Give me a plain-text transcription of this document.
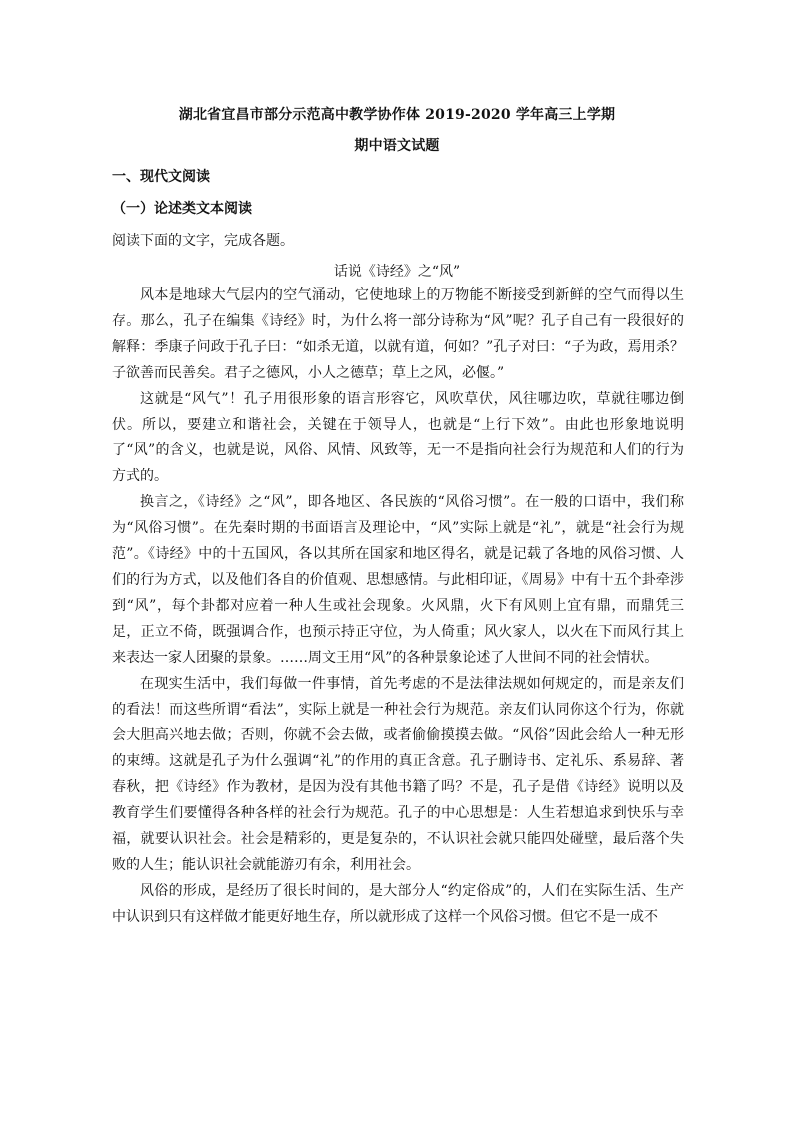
湖北省宜昌市部分示范高中教学协作体 2019-2020 学年高三上学期
期中语文试题
一、现代文阅读
（一）论述类文本阅读
阅读下面的文字，完成各题。
话说《诗经》之“风”

风本是地球大气层内的空气涌动，它使地球上的万物能不断接受到新鲜的空气而得以生存。那么，孔子在编集《诗经》时，为什么将一部分诗称为“风”呢？孔子自己有一段很好的解释：季康子问政于孔子曰：“如杀无道，以就有道，何如？”孔子对曰：“子为政，焉用杀？子欲善而民善矣。君子之德风，小人之德草；草上之风，必偃。”

这就是“风气”！孔子用很形象的语言形容它，风吹草伏，风往哪边吹，草就往哪边倒伏。所以，要建立和谐社会，关键在于领导人，也就是“上行下效”。由此也形象地说明了“风”的含义，也就是说，风俗、风情、风致等，无一不是指向社会行为规范和人们的行为方式的。

换言之，《诗经》之“风”，即各地区、各民族的“风俗习惯”。在一般的口语中，我们称为“风俗习惯”。在先秦时期的书面语言及理论中，“风”实际上就是“礼”，就是“社会行为规范”。《诗经》中的十五国风，各以其所在国家和地区得名，就是记载了各地的风俗习惯、人们的行为方式，以及他们各自的价值观、思想感情。与此相印证，《周易》中有十五个卦牵涉到“风”，每个卦都对应着一种人生或社会现象。火风鼎，火下有风则上宜有鼎，而鼎凭三足，正立不倚，既强调合作，也预示持正守位，为人倚重；风火家人，以火在下而风行其上来表达一家人团聚的景象。……周文王用“风”的各种景象论述了人世间不同的社会情状。

在现实生活中，我们每做一件事情，首先考虑的不是法律法规如何规定的，而是亲友们的看法！而这些所谓“看法”，实际上就是一种社会行为规范。亲友们认同你这个行为，你就会大胆高兴地去做；否则，你就不会去做，或者偷偷摸摸去做。“风俗”因此会给人一种无形的束缚。这就是孔子为什么强调“礼”的作用的真正含意。孔子删诗书、定礼乐、系易辞、著春秋，把《诗经》作为教材，是因为没有其他书籍了吗？不是，孔子是借《诗经》说明以及教育学生们要懂得各种各样的社会行为规范。孔子的中心思想是：人生若想追求到快乐与幸福，就要认识社会。社会是精彩的，更是复杂的，不认识社会就只能四处碰壁，最后落个失败的人生；能认识社会就能游刃有余，利用社会。

风俗的形成，是经历了很长时间的，是大部分人“约定俗成”的，人们在实际生活、生产中认识到只有这样做才能更好地生存，所以就形成了这样一个风俗习惯。但它不是一成不
